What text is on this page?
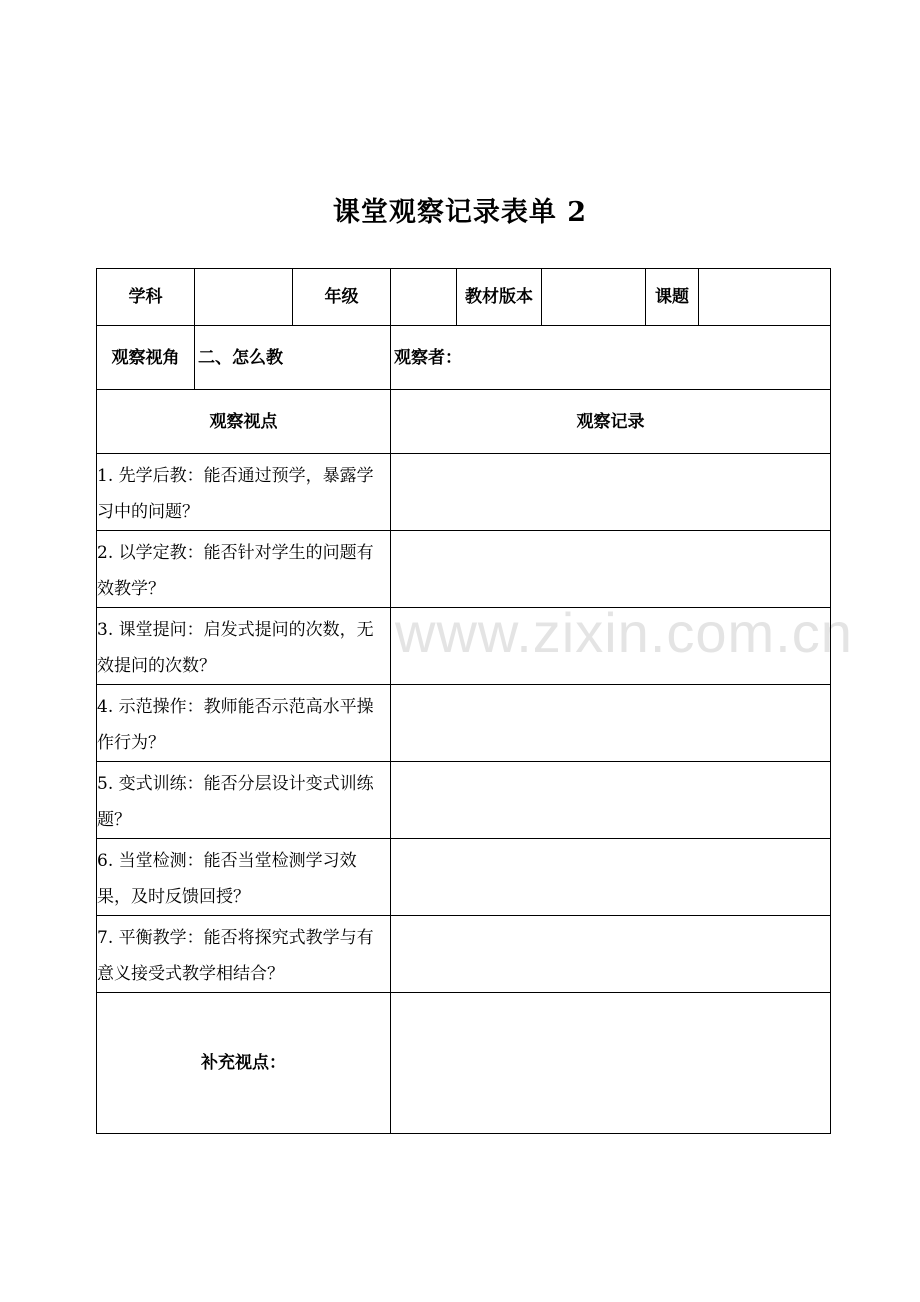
课堂观察记录表单 2
www.zixin.com.cn
学科		年级		教材版本		课题	
观察视角	二、怎么教		观察者：				
观察视点			观察记录				
1. 先学后教：能否通过预学，暴露学习中的问题？							
2. 以学定教：能否针对学生的问题有效教学？							
3. 课堂提问：启发式提问的次数，无效提问的次数？							
4. 示范操作：教师能否示范高水平操作行为？							
5. 变式训练：能否分层设计变式训练题？							
6. 当堂检测：能否当堂检测学习效果，及时反馈回授？							
7. 平衡教学：能否将探究式教学与有意义接受式教学相结合？							
补充视点：							
